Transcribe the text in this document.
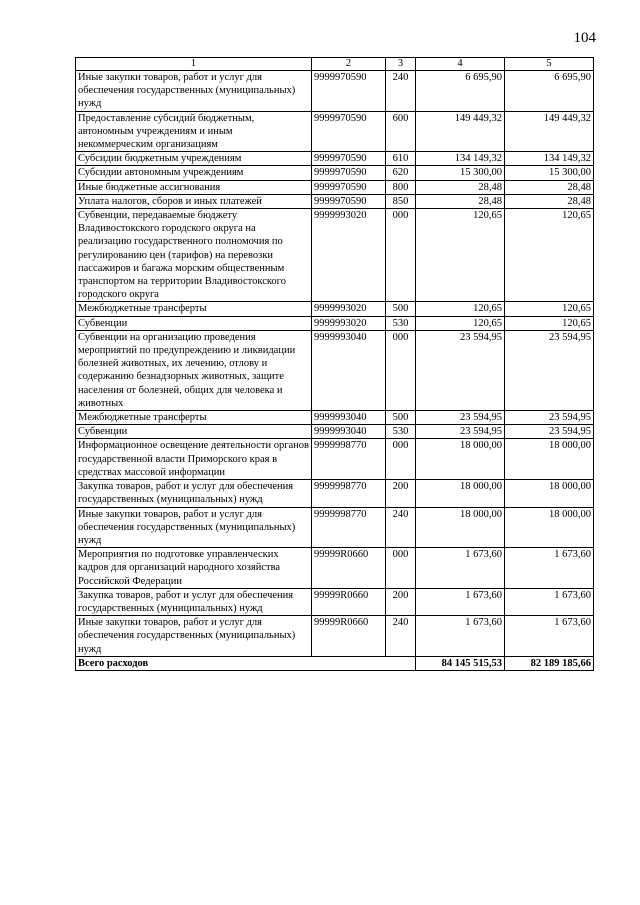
104
1	2	3	4	5
Иные закупки товаров, работ и услуг для обеспечения государственных (муниципальных) нужд	9999970590	240	6 695,90	6 695,90
Предоставление субсидий бюджетным, автономным учреждениям и иным некоммерческим организациям	9999970590	600	149 449,32	149 449,32
Субсидии бюджетным учреждениям	9999970590	610	134 149,32	134 149,32
Субсидии автономным учреждениям	9999970590	620	15 300,00	15 300,00
Иные бюджетные ассигнования	9999970590	800	28,48	28,48
Уплата налогов, сборов и иных платежей	9999970590	850	28,48	28,48
Субвенции, передаваемые бюджету Владивостокского городского округа на реализацию государственного полномочия по регулированию цен (тарифов) на перевозки пассажиров и багажа морским общественным транспортом на территории Владивостокского городского округа	9999993020	000	120,65	120,65
Межбюджетные трансферты	9999993020	500	120,65	120,65
Субвенции	9999993020	530	120,65	120,65
Субвенции на организацию проведения мероприятий по предупреждению и ликвидации болезней животных, их лечению, отлову и содержанию безнадзорных животных, защите населения от болезней, общих для человека и животных	9999993040	000	23 594,95	23 594,95
Межбюджетные трансферты	9999993040	500	23 594,95	23 594,95
Субвенции	9999993040	530	23 594,95	23 594,95
Информационное освещение деятельности органов государственной власти Приморского края в средствах массовой информации	9999998770	000	18 000,00	18 000,00
Закупка товаров, работ и услуг для обеспечения государственных (муниципальных) нужд	9999998770	200	18 000,00	18 000,00
Иные закупки товаров, работ и услуг для обеспечения государственных (муниципальных) нужд	9999998770	240	18 000,00	18 000,00
Мероприятия по подготовке управленческих кадров для организаций народного хозяйства Российской Федерации	99999R0660	000	1 673,60	1 673,60
Закупка товаров, работ и услуг для обеспечения государственных (муниципальных) нужд	99999R0660	200	1 673,60	1 673,60
Иные закупки товаров, работ и услуг для обеспечения государственных (муниципальных) нужд	99999R0660	240	1 673,60	1 673,60
Всего расходов			84 145 515,53	82 189 185,66
